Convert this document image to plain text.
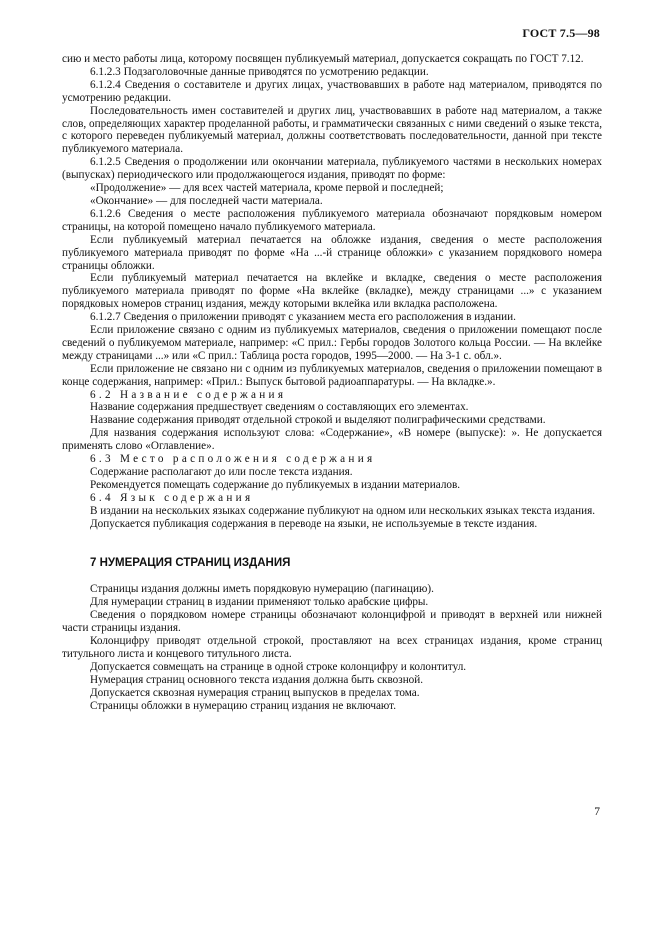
ГОСТ 7.5—98

сию и место работы лица, которому посвящен публикуемый материал, допускается сокращать по ГОСТ 7.12.

6.1.2.3 Подзаголовочные данные приводятся по усмотрению редакции.

6.1.2.4 Сведения о составителе и других лицах, участвовавших в работе над материалом, приводятся по усмотрению редакции.

Последовательность имен составителей и других лиц, участвовавших в работе над материалом, а также слов, определяющих характер проделанной работы, и грамматически связанных с ними сведений о языке текста, с которого переведен публикуемый материал, должны соответствовать последовательности, данной при тексте публикуемого материала.

6.1.2.5 Сведения о продолжении или окончании материала, публикуемого частями в нескольких номерах (выпусках) периодического или продолжающегося издания, приводят по форме:

«Продолжение» — для всех частей материала, кроме первой и последней;

«Окончание» — для последней части материала.

6.1.2.6 Сведения о месте расположения публикуемого материала обозначают порядковым номером страницы, на которой помещено начало публикуемого материала.

Если публикуемый материал печатается на обложке издания, сведения о месте расположения публикуемого материала приводят по форме «На ...-й странице обложки» с указанием порядкового номера страницы обложки.

Если публикуемый материал печатается на вклейке и вкладке, сведения о месте расположения публикуемого материала приводят по форме «На вклейке (вкладке), между страницами ...» с указанием порядковых номеров страниц издания, между которыми вклейка или вкладка расположена.

6.1.2.7 Сведения о приложении приводят с указанием места его расположения в издании.

Если приложение связано с одним из публикуемых материалов, сведения о приложении помещают после сведений о публикуемом материале, например: «С прил.: Гербы городов Золотого кольца России. — На вклейке между страницами ...» или «С прил.: Таблица роста городов, 1995—2000. — На 3-1 с. обл.».

Если приложение не связано ни с одним из публикуемых материалов, сведения о приложении помещают в конце содержания, например: «Прил.: Выпуск бытовой радиоаппаратуры. — На вкладке.».

6.2 Название содержания

Название содержания предшествует сведениям о составляющих его элементах.

Название содержания приводят отдельной строкой и выделяют полиграфическими средствами.

Для названия содержания используют слова: «Содержание», «В номере (выпуске): ». Не допускается применять слово «Оглавление».

6.3 Место расположения содержания

Содержание располагают до или после текста издания.

Рекомендуется помещать содержание до публикуемых в издании материалов.

6.4 Язык содержания

В издании на нескольких языках содержание публикуют на одном или нескольких языках текста издания.

Допускается публикация содержания в переводе на языки, не используемые в тексте издания.

7 НУМЕРАЦИЯ СТРАНИЦ ИЗДАНИЯ

Страницы издания должны иметь порядковую нумерацию (пагинацию).

Для нумерации страниц в издании применяют только арабские цифры.

Сведения о порядковом номере страницы обозначают колонцифрой и приводят в верхней или нижней части страницы издания.

Колонцифру приводят отдельной строкой, проставляют на всех страницах издания, кроме страниц титульного листа и концевого титульного листа.

Допускается совмещать на странице в одной строке колонцифру и колонтитул.

Нумерация страниц основного текста издания должна быть сквозной.

Допускается сквозная нумерация страниц выпусков в пределах тома.

Страницы обложки в нумерацию страниц издания не включают.

7
